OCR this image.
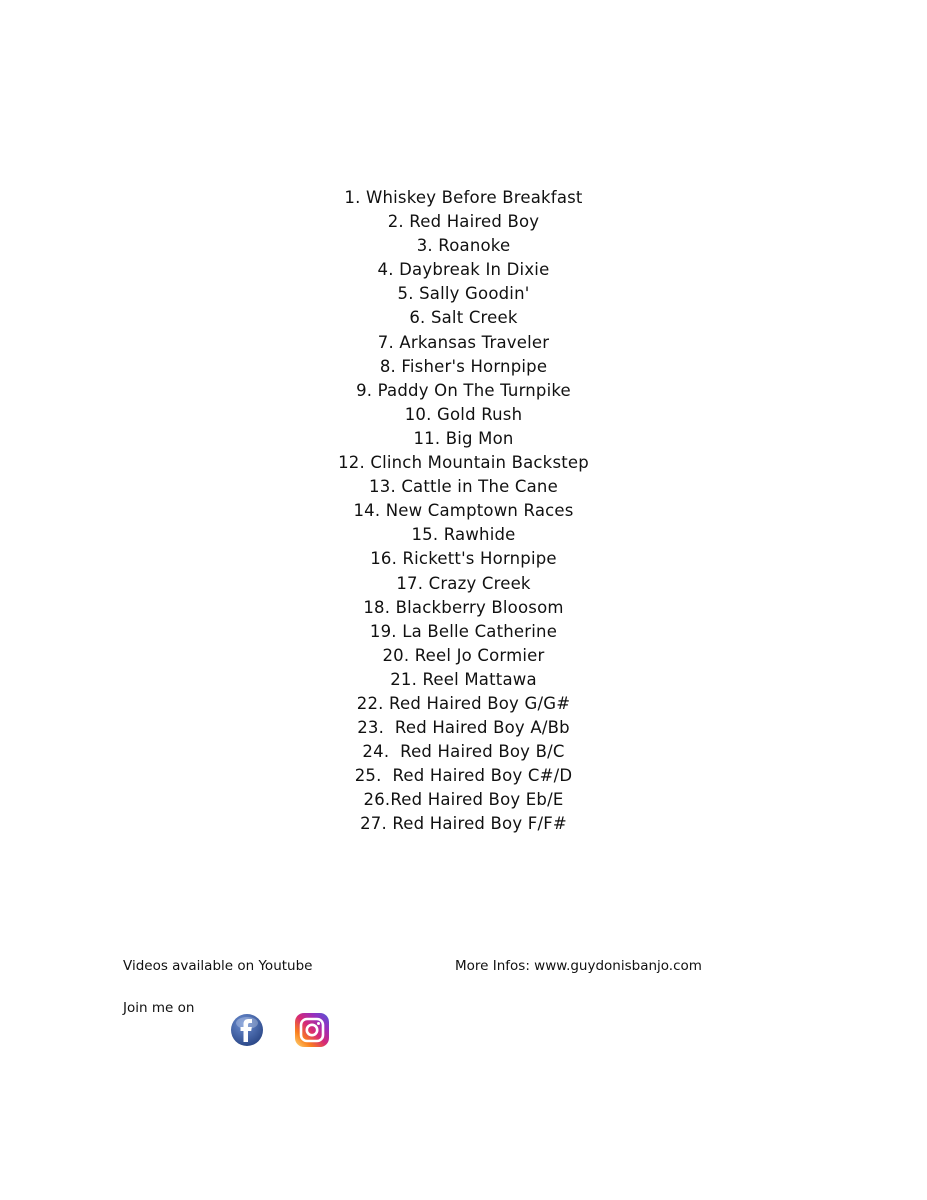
1. Whiskey Before Breakfast
2. Red Haired Boy
3. Roanoke
4. Daybreak In Dixie
5. Sally Goodin'
6. Salt Creek
7. Arkansas Traveler
8. Fisher's Hornpipe
9. Paddy On The Turnpike
10. Gold Rush
11. Big Mon
12. Clinch Mountain Backstep
13. Cattle in The Cane
14. New Camptown Races
15. Rawhide
16. Rickett's Hornpipe
17. Crazy Creek
18. Blackberry Bloosom
19. La Belle Catherine
20. Reel Jo Cormier
21. Reel Mattawa
22. Red Haired Boy G/G#
23.  Red Haired Boy A/Bb
24.  Red Haired Boy B/C
25.  Red Haired Boy C#/D
26.Red Haired Boy Eb/E
27. Red Haired Boy F/F#
Videos available on Youtube	More Infos: www.guydonisbanjo.com
Join me on
